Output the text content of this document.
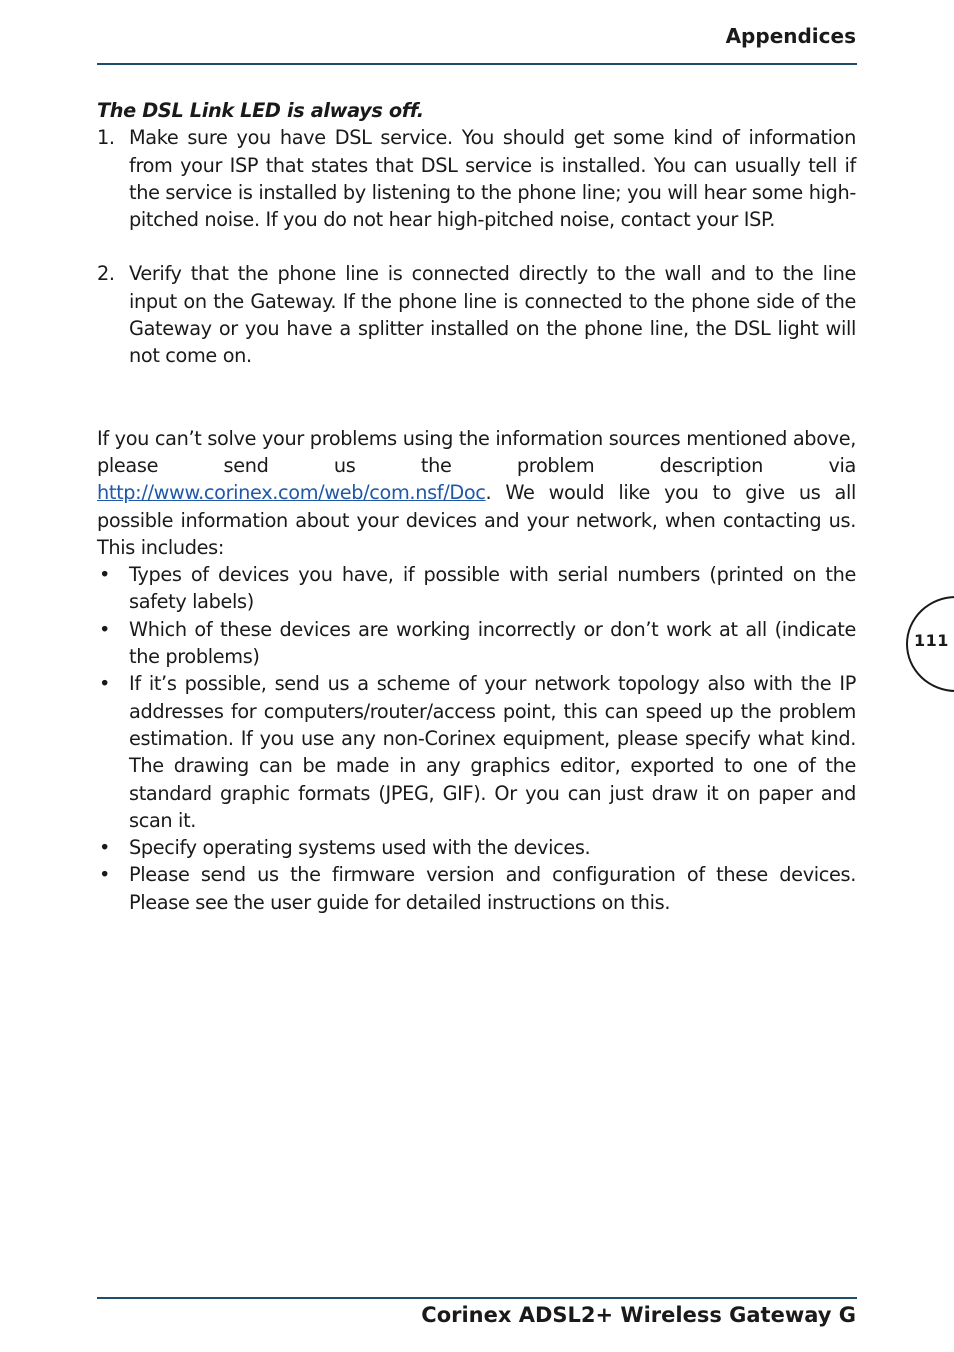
Appendices

The DSL Link LED is always off.

1. Make sure you have DSL service. You should get some kind of information from your ISP that states that DSL service is installed. You can usually tell if the service is installed by listening to the phone line; you will hear some high-pitched noise. If you do not hear high-pitched noise, contact your ISP.
2. Verify that the phone line is connected directly to the wall and to the line input on the Gateway. If the phone line is connected to the phone side of the Gateway or you have a splitter installed on the phone line, the DSL light will not come on.

If you can’t solve your problems using the information sources mentioned above, please send us the problem description via http://www.corinex.com/web/com.nsf/Doc. We would like you to give us all possible information about your devices and your network, when contacting us. This includes:

• Types of devices you have, if possible with serial numbers (printed on the safety labels)
• Which of these devices are working incorrectly or don’t work at all (indicate the problems)
• If it’s possible, send us a scheme of your network topology also with the IP addresses for computers/router/access point, this can speed up the problem estimation. If you use any non-Corinex equipment, please specify what kind. The drawing can be made in any graphics editor, exported to one of the standard graphic formats (JPEG, GIF). Or you can just draw it on paper and scan it.
• Specify operating systems used with the devices.
• Please send us the firmware version and configuration of these devices. Please see the user guide for detailed instructions on this.
111
Corinex ADSL2+ Wireless Gateway G
